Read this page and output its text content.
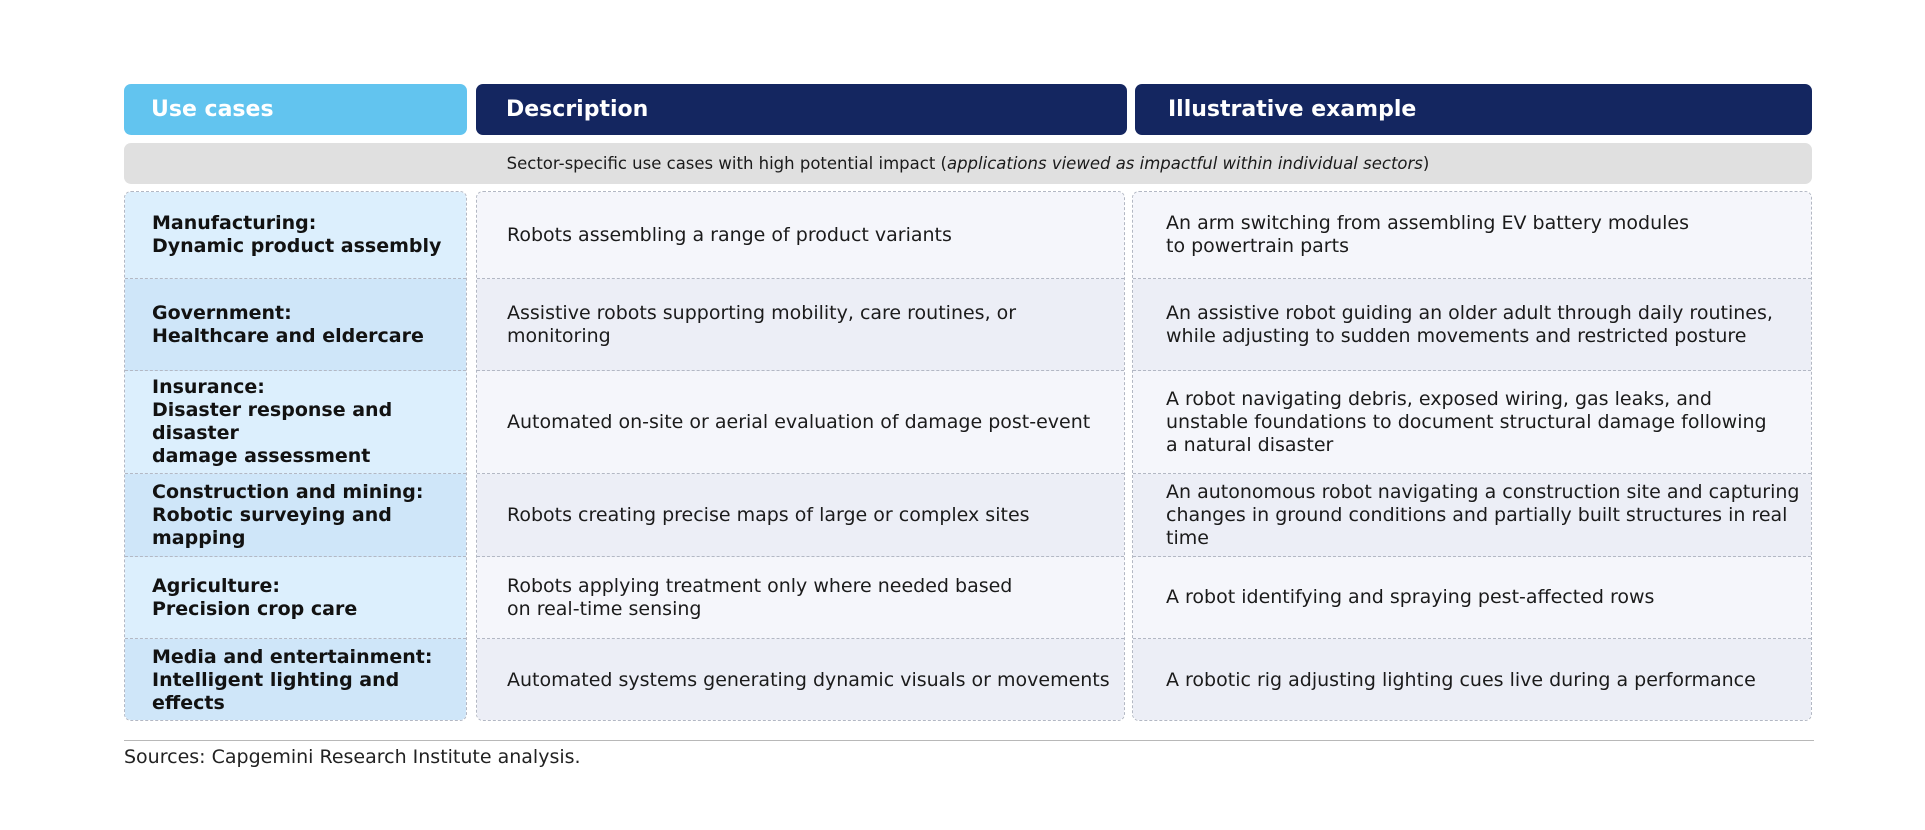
Use cases	Description	Illustrative example
Sector-specific use cases with high potential impact ( applications viewed as impactful within individual sectors )
Manufacturing:
Dynamic product assembly
Government:
Healthcare and eldercare
Insurance:
Disaster response and disaster
damage assessment
Construction and mining:
Robotic surveying and mapping
Agriculture:
Precision crop care
Media and entertainment:
Intelligent lighting and effects
Robots assembling a range of product variants
Assistive robots supporting mobility, care routines, or monitoring
Automated on-site or aerial evaluation of damage post-event
Robots creating precise maps of large or complex sites
Robots applying treatment only where needed based
on real-time sensing
Automated systems generating dynamic visuals or movements
An arm switching from assembling EV battery modules
to powertrain parts
An assistive robot guiding an older adult through daily routines,
while adjusting to sudden movements and restricted posture
A robot navigating debris, exposed wiring, gas leaks, and
unstable foundations to document structural damage following
a natural disaster
An autonomous robot navigating a construction site and capturing
changes in ground conditions and partially built structures in real time
A robot identifying and spraying pest-affected rows
A robotic rig adjusting lighting cues live during a performance
Sources: Capgemini Research Institute analysis.
